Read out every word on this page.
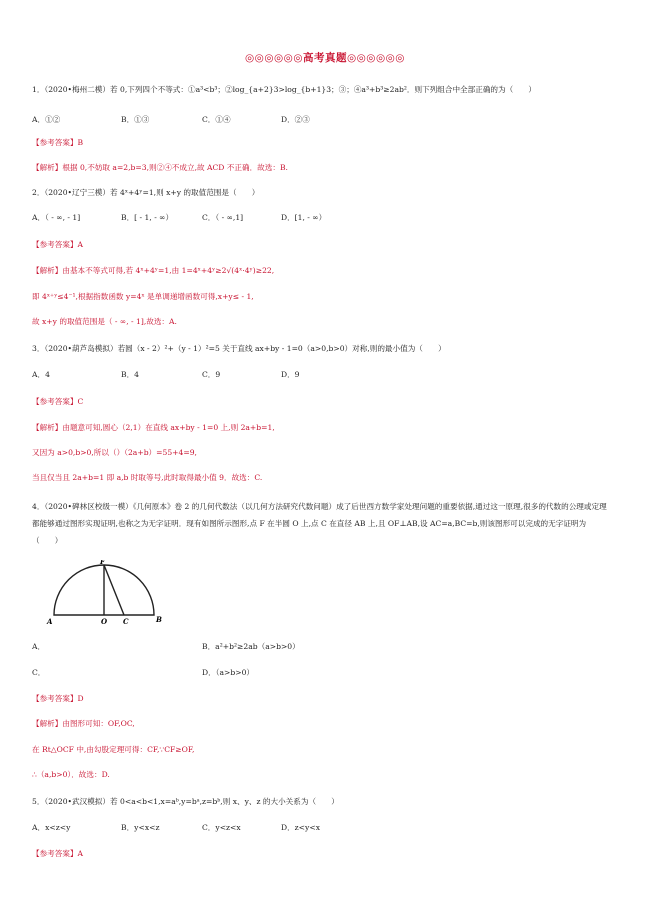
◎◎◎◎◎◎高考真题◎◎◎◎◎◎
1．（2020•梅州二模）若 0,下列四个不等式：①a³<b³；②log_{a+2}3>log_{b+1}3；③；④a³+b³≥2ab²．则下列组合中全部正确的为（　　）
A．①②	B．①③	C．①④	D．②③
【参考答案】B
【解析】根据 0,不妨取 a=2,b=3,则②④不成立,故 ACD 不正确．故选：B.
2．（2020•辽宁三模）若 4ˣ+4ʸ=1,则 x+y 的取值范围是（　　）
A．（ - ∞, - 1]	B．[ - 1, - ∞）	C．（ - ∞,1]	D．[1, - ∞）
【参考答案】A
【解析】由基本不等式可得,若 4ˣ+4ʸ=1,由 1=4ˣ+4ʸ≥2√(4ˣ·4ʸ)≥22,
即 4ˣ⁺ʸ≤4⁻¹,根据指数函数 y=4ˣ 是单调递增函数可得,x+y≤ - 1,
故 x+y 的取值范围是（ - ∞, - 1],故选：A.
3．（2020•葫芦岛模拟）若圆（x - 2）²+（y - 1）²=5 关于直线 ax+by - 1=0（a>0,b>0）对称,则的最小值为（　　）
A．4	B．4	C．9	D．9
【参考答案】C
【解析】由题意可知,圆心（2,1）在直线 ax+by - 1=0 上,则 2a+b=1,
又因为 a>0,b>0,所以（）（2a+b）=55+4=9,
当且仅当且 2a+b=1 即 a,b 时取等号,此时取得最小值 9．故选：C.
4．（2020•碑林区校级一模）《几何原本》卷 2 的几何代数法（以几何方法研究代数问题）成了后世西方数学家处理问题的重要依据,通过这一原理,很多的代数的公理或定理都能够通过图形实现证明,也称之为无字证明．现有如图所示图形,点 F 在半圆 O 上,点 C 在直径 AB 上,且 OF⊥AB,设 AC=a,BC=b,则该图形可以完成的无字证明为（　　）
F
A	O C	B
A．	B．a²+b²≥2ab（a>b>0）
C．	D．（a>b>0）
【参考答案】D
【解析】由图形可知：OF,OC,
在 Rt△OCF 中,由勾股定理可得：CF,∵CF≥OF,
∴（a,b>0）．故选：D.
5．（2020•武汉模拟）若 0<a<b<1,x=aᵇ,y=bᵃ,z=bᵇ,则 x、y、z 的大小关系为（　　）
A．x<z<y	B．y<x<z	C．y<z<x	D．z<y<x
【参考答案】A
